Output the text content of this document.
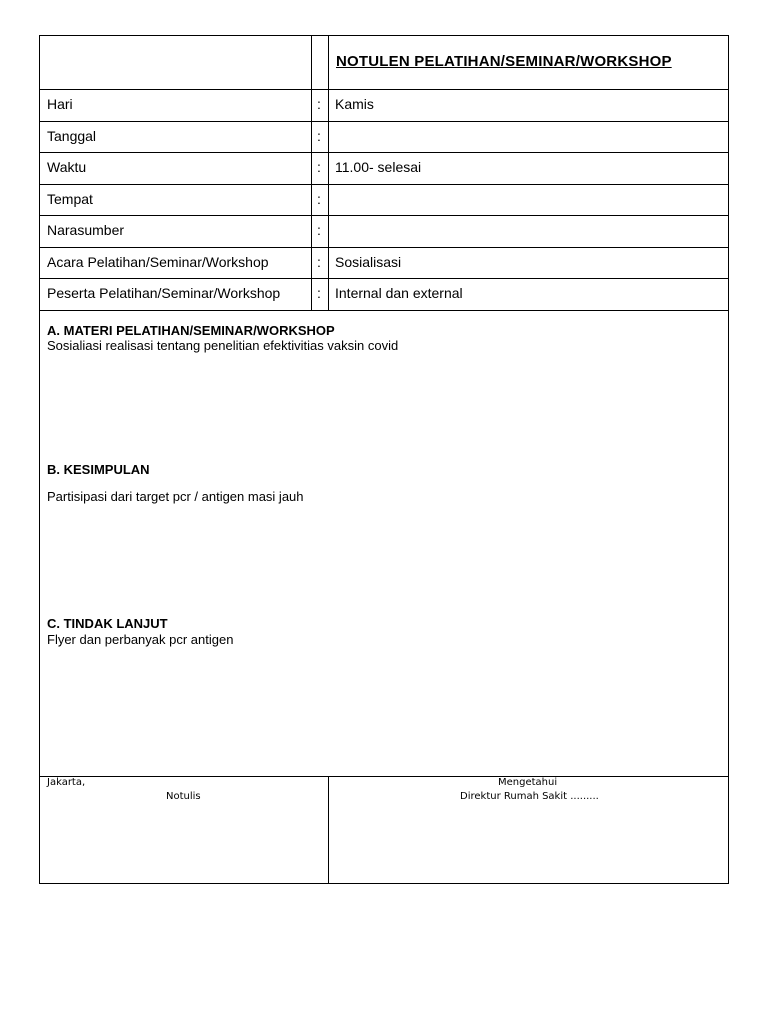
NOTULEN PELATIHAN/SEMINAR/WORKSHOP
Hari	: Kamis
Tanggal	:
Waktu	: 11.00- selesai
Tempat	:
Narasumber	:
Acara Pelatihan/Seminar/Workshop	: Sosialisasi
Peserta Pelatihan/Seminar/Workshop	: Internal dan external
A. MATERI PELATIHAN/SEMINAR/WORKSHOP
Sosialiasi realisasi tentang penelitian efektivitias vaksin covid
B. KESIMPULAN
Partisipasi dari target pcr / antigen masi jauh
C. TINDAK LANJUT
Flyer dan perbanyak pcr antigen
Jakarta,
Notulis
Mengetahui
Direktur Rumah Sakit .........
